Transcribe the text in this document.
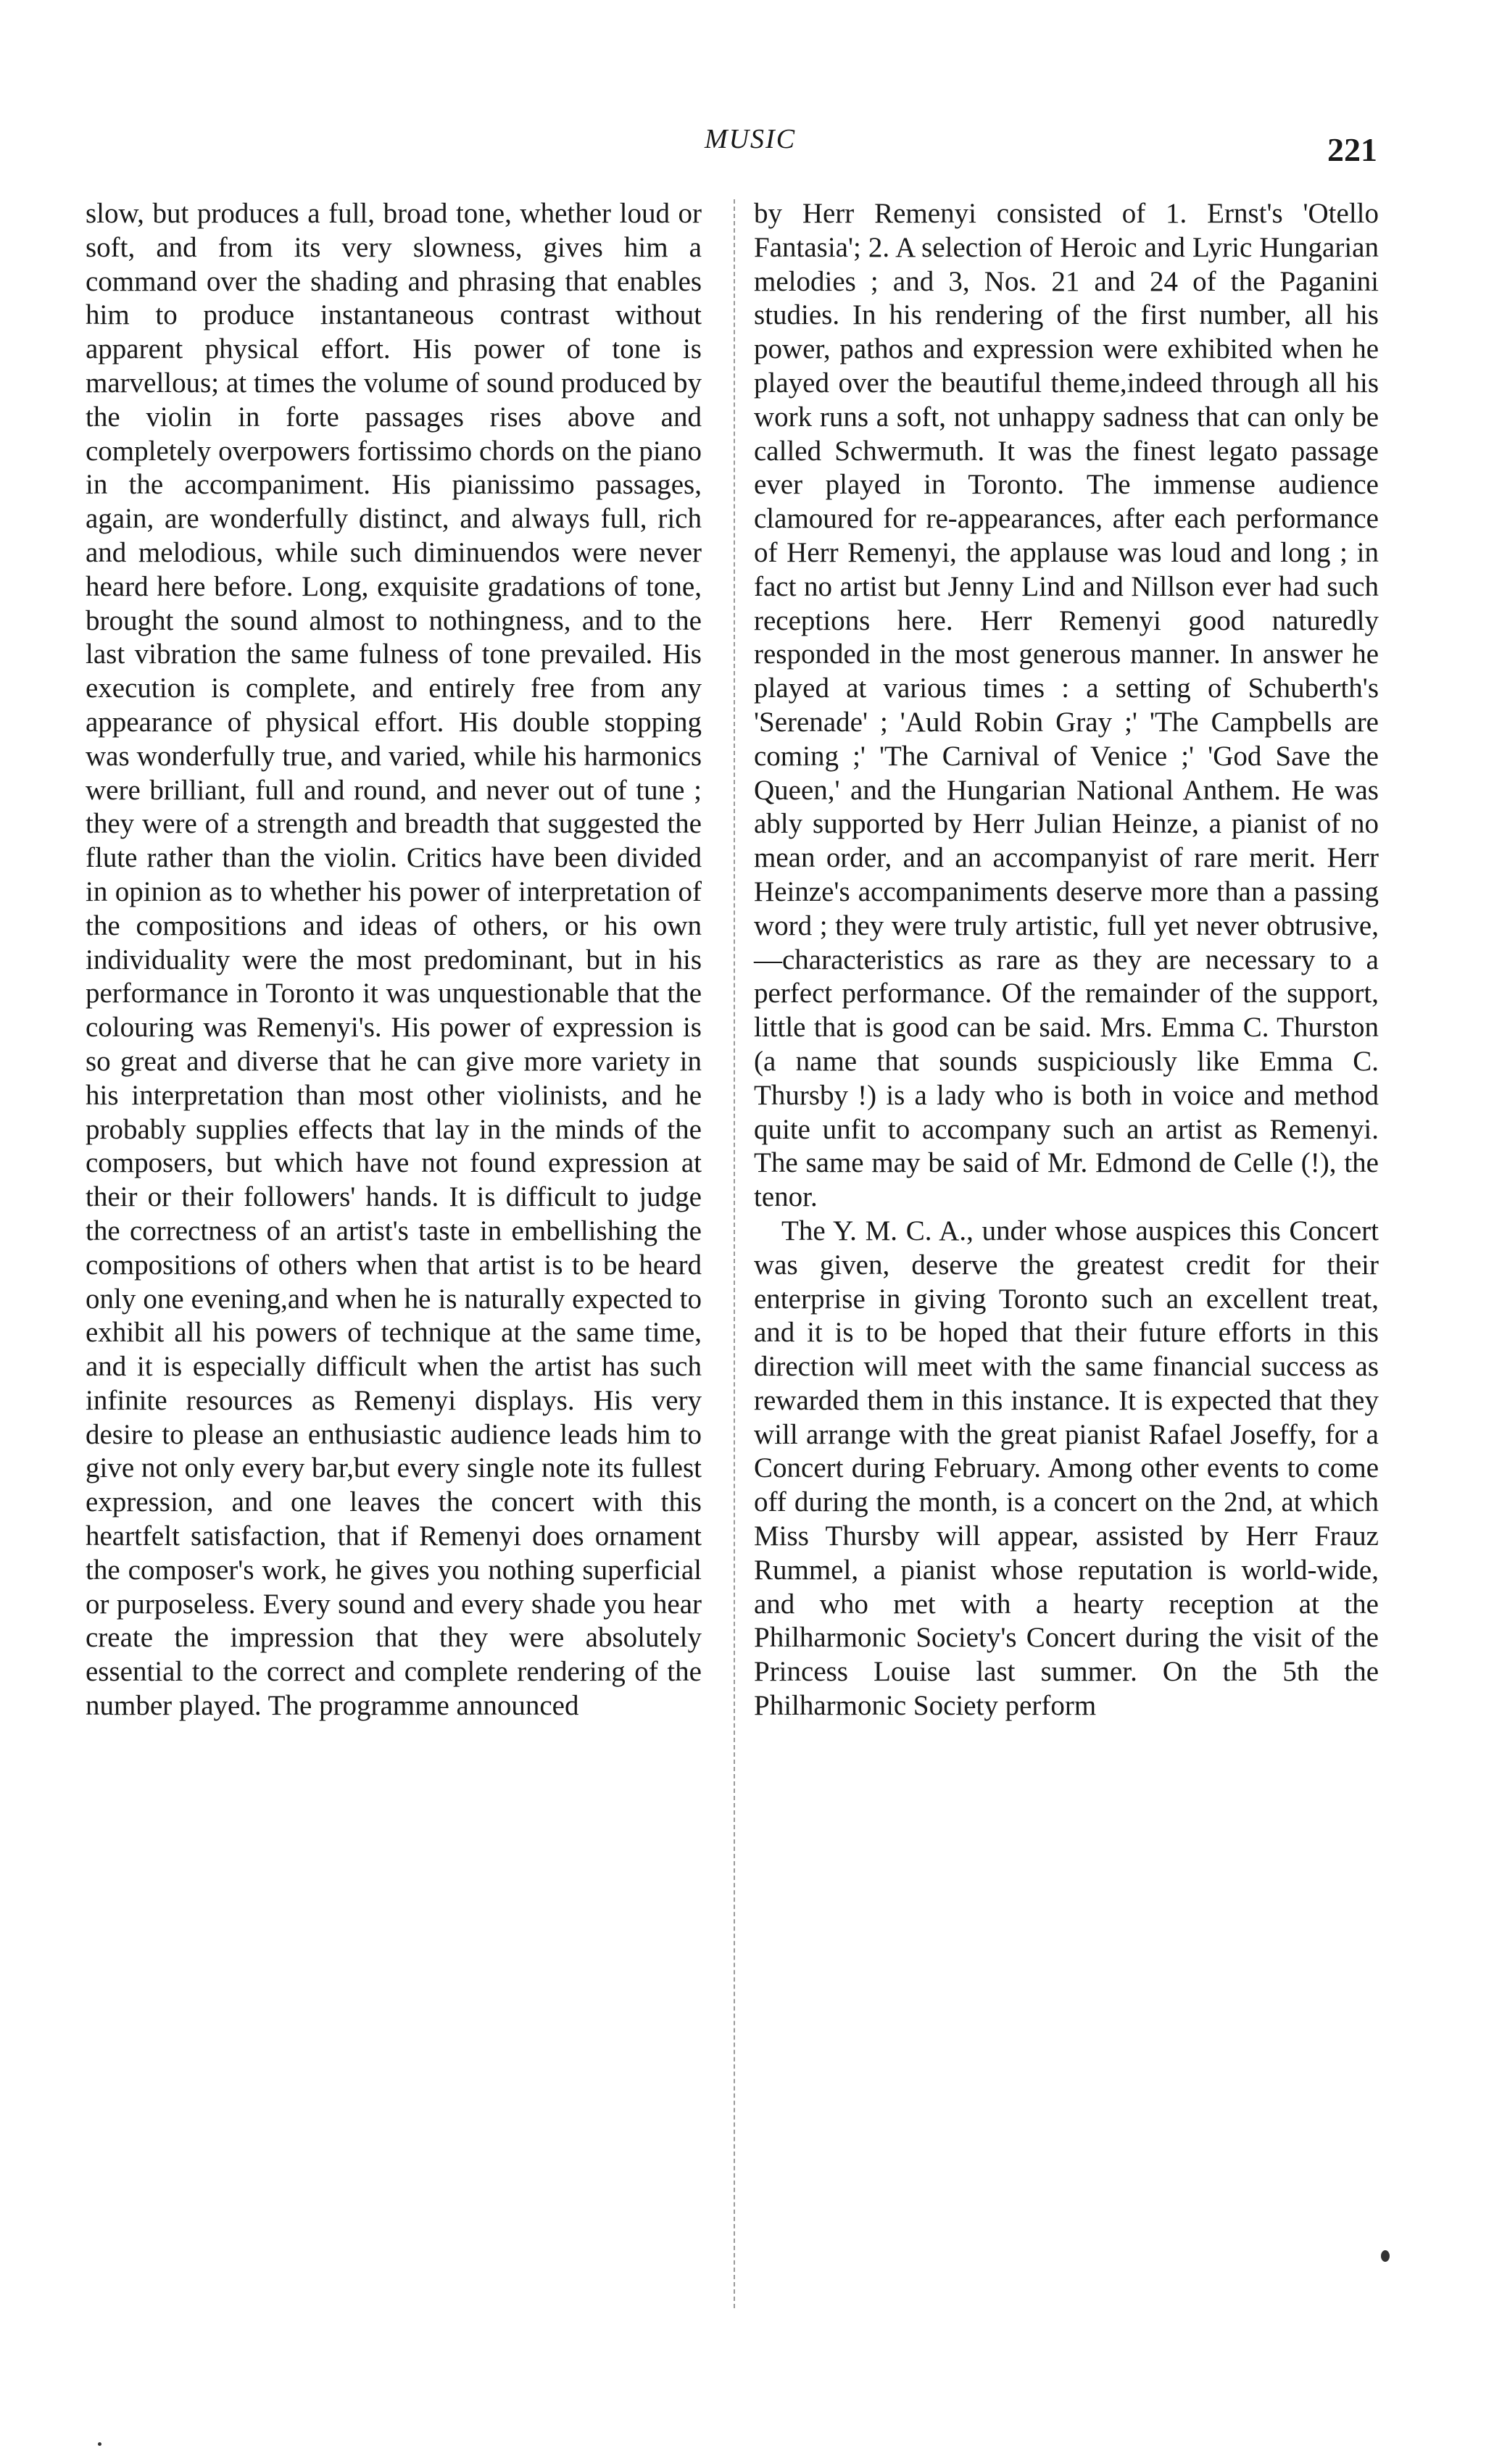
MUSIC	221

slow, but produces a full, broad tone, whether loud or soft, and from its very slowness, gives him a command over the shading and phrasing that enables him to produce instantaneous contrast without apparent physical effort. His power of tone is marvellous; at times the volume of sound produced by the violin in forte passages rises above and completely overpowers fortissimo chords on the piano in the accompaniment. His pianissimo passages, again, are wonderfully distinct, and always full, rich and melodious, while such diminuendos were never heard here before. Long, exquisite gradations of tone, brought the sound almost to nothingness, and to the last vibration the same fulness of tone prevailed. His execution is complete, and entirely free from any appearance of physical effort. His double stopping was wonderfully true, and varied, while his harmonics were brilliant, full and round, and never out of tune ; they were of a strength and breadth that suggested the flute rather than the violin. Critics have been divided in opinion as to whether his power of interpretation of the compositions and ideas of others, or his own individuality were the most predominant, but in his performance in Toronto it was unquestionable that the colouring was Remenyi's. His power of expression is so great and diverse that he can give more variety in his interpretation than most other violinists, and he probably supplies effects that lay in the minds of the composers, but which have not found expression at their or their followers' hands. It is difficult to judge the correctness of an artist's taste in embellishing the compositions of others when that artist is to be heard only one evening,and when he is naturally expected to exhibit all his powers of technique at the same time, and it is especially difficult when the artist has such infinite resources as Remenyi displays. His very desire to please an enthusiastic audience leads him to give not only every bar,but every single note its fullest expression, and one leaves the concert with this heartfelt satisfaction, that if Remenyi does ornament the composer's work, he gives you nothing superficial or purposeless. Every sound and every shade you hear create the impression that they were absolutely essential to the correct and complete rendering of the number played. The programme announced

by Herr Remenyi consisted of 1. Ernst's 'Otello Fantasia'; 2. A selection of Heroic and Lyric Hungarian melodies ; and 3, Nos. 21 and 24 of the Paganini studies. In his rendering of the first number, all his power, pathos and expression were exhibited when he played over the beautiful theme,indeed through all his work runs a soft, not unhappy sadness that can only be called Schwermuth. It was the finest legato passage ever played in Toronto. The immense audience clamoured for re-appearances, after each performance of Herr Remenyi, the applause was loud and long ; in fact no artist but Jenny Lind and Nillson ever had such receptions here. Herr Remenyi good naturedly responded in the most generous manner. In answer he played at various times : a setting of Schuberth's 'Serenade' ; 'Auld Robin Gray ;' 'The Campbells are coming ;' 'The Carnival of Venice ;' 'God Save the Queen,' and the Hungarian National Anthem. He was ably supported by Herr Julian Heinze, a pianist of no mean order, and an accompanyist of rare merit. Herr Heinze's accompaniments deserve more than a passing word ; they were truly artistic, full yet never obtrusive,—characteristics as rare as they are necessary to a perfect performance. Of the remainder of the support, little that is good can be said. Mrs. Emma C. Thurston (a name that sounds suspiciously like Emma C. Thursby !) is a lady who is both in voice and method quite unfit to accompany such an artist as Remenyi. The same may be said of Mr. Edmond de Celle (!), the tenor.

The Y. M. C. A., under whose auspices this Concert was given, deserve the greatest credit for their enterprise in giving Toronto such an excellent treat, and it is to be hoped that their future efforts in this direction will meet with the same financial success as rewarded them in this instance. It is expected that they will arrange with the great pianist Rafael Joseffy, for a Concert during February. Among other events to come off during the month, is a concert on the 2nd, at which Miss Thursby will appear, assisted by Herr Frauz Rummel, a pianist whose reputation is world-wide, and who met with a hearty reception at the Philharmonic Society's Concert during the visit of the Princess Louise last summer. On the 5th the Philharmonic Society perform
